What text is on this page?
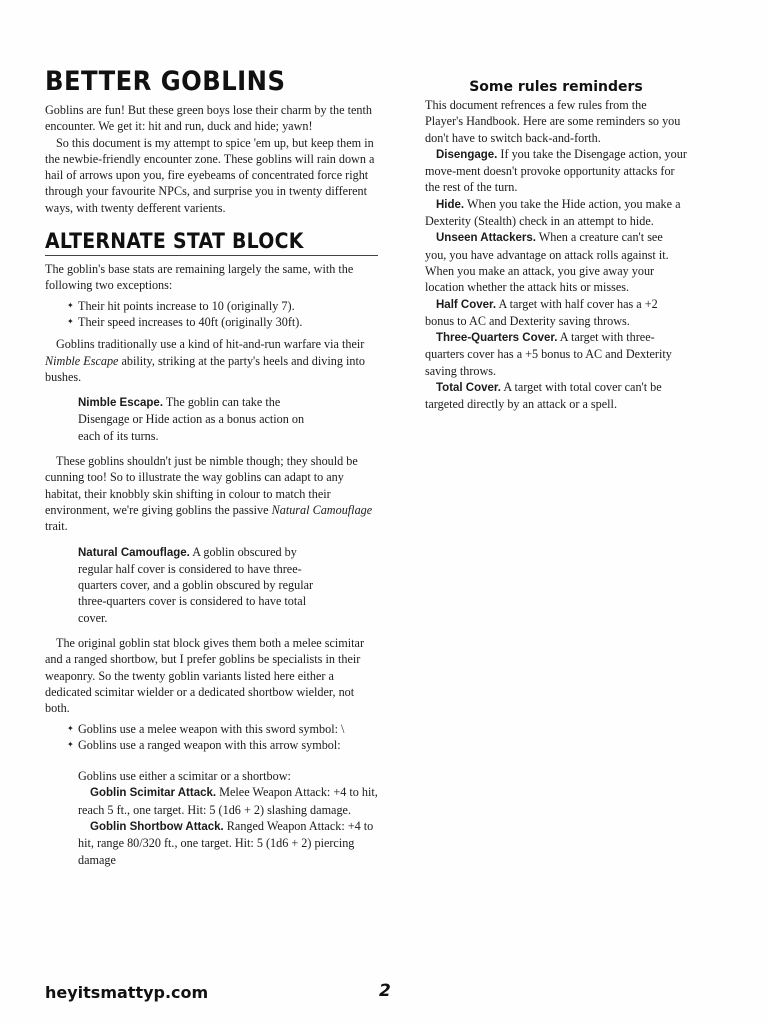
BETTER GOBLINS

Goblins are fun! But these green boys lose their charm by the tenth encounter. We get it: hit and run, duck and hide; yawn!

So this document is my attempt to spice 'em up, but keep them in the newbie-friendly encounter zone. These goblins will rain down a hail of arrows upon you, fire eyebeams of concentrated force right through your favourite NPCs, and surprise you in twenty different ways, with twenty defferent varients.

ALTERNATE STAT BLOCK

The goblin's base stats are remaining largely the same, with the following two exceptions:

✦ Their hit points increase to 10 (originally 7).
✦ Their speed increases to 40ft (originally 30ft).

Goblins traditionally use a kind of hit-and-run warfare via their Nimble Escape ability, striking at the party's heels and diving into bushes.

Nimble Escape. The goblin can take the Disengage or Hide action as a bonus action on each of its turns.

These goblins shouldn't just be nimble though; they should be cunning too! So to illustrate the way goblins can adapt to any habitat, their knobbly skin shifting in colour to match their environment, we're giving goblins the passive Natural Camouflage trait.

Natural Camouflage. A goblin obscured by regular half cover is considered to have three-quarters cover, and a goblin obscured by regular three-quarters cover is considered to have total cover.

The original goblin stat block gives them both a melee scimitar and a ranged shortbow, but I prefer goblins be specialists in their weaponry. So the twenty goblin variants listed here either a dedicated scimitar wielder or a dedicated shortbow wielder, not both.

✦ Goblins use a melee weapon with this sword symbol: \
✦ Goblins use a ranged weapon with this arrow symbol:

Goblins use either a scimitar or a shortbow:

Goblin Scimitar Attack. Melee Weapon Attack: +4 to hit, reach 5 ft., one target. Hit: 5 (1d6 + 2) slashing damage.

Goblin Shortbow Attack. Ranged Weapon Attack: +4 to hit, range 80/320 ft., one target. Hit: 5 (1d6 + 2) piercing damage

Some rules reminders

This document refrences a few rules from the Player's Handbook. Here are some reminders so you don't have to switch back-and-forth.

Disengage. If you take the Disengage action, your move-ment doesn't provoke opportunity attacks for the rest of the turn.

Hide. When you take the Hide action, you make a Dexterity (Stealth) check in an attempt to hide.

Unseen Attackers. When a creature can't see you, you have advantage on attack rolls against it. When you make an attack, you give away your location whether the attack hits or misses.

Half Cover. A target with half cover has a +2 bonus to AC and Dexterity saving throws.

Three-Quarters Cover. A target with three-quarters cover has a +5 bonus to AC and Dexterity saving throws.

Total Cover. A target with total cover can't be targeted directly by an attack or a spell.

heyitsmattyp.com	2
